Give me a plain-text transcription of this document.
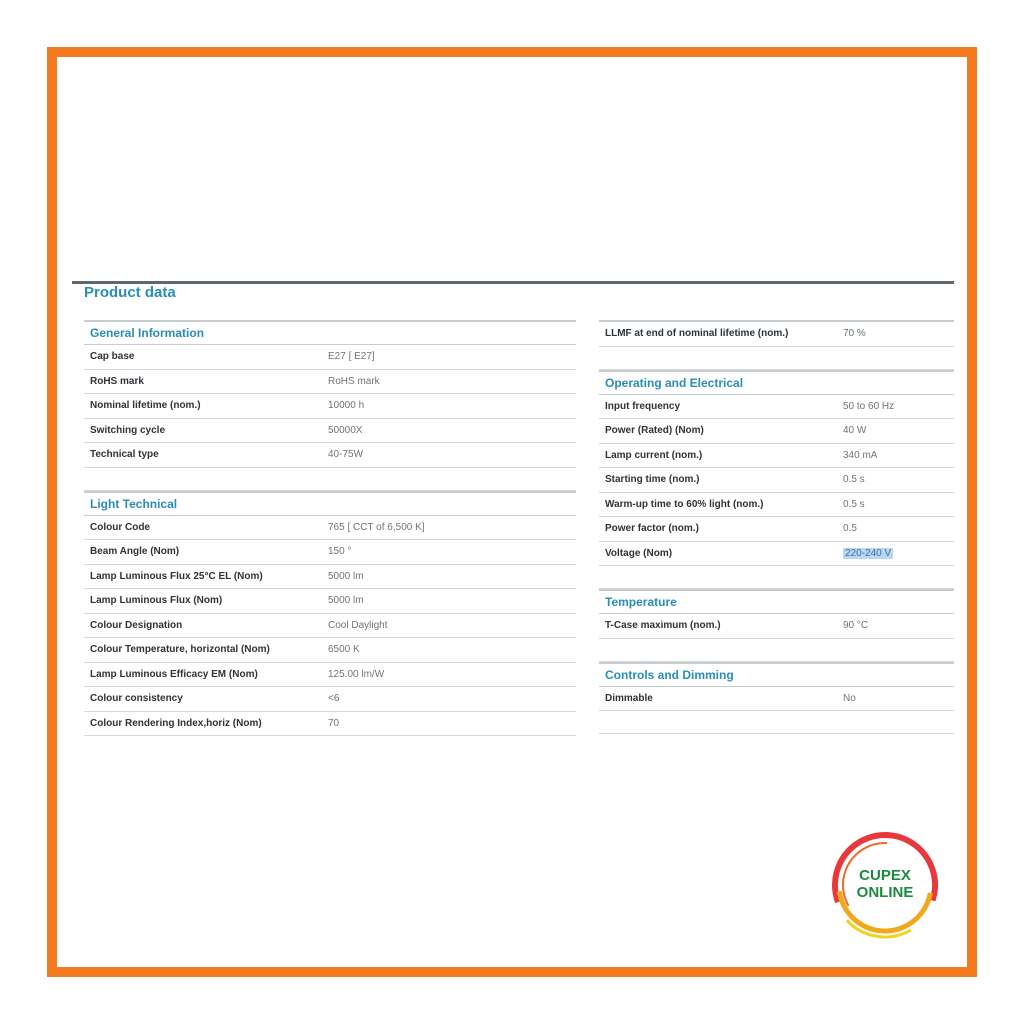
Product data
General Information
Cap base	E27 [ E27]
RoHS mark	RoHS mark
Nominal lifetime (nom.)	10000 h
Switching cycle	50000X
Technical type	40-75W
Light Technical
Colour Code	765 [ CCT of 6,500 K]
Beam Angle (Nom)	150 °
Lamp Luminous Flux 25°C EL (Nom)	5000 lm
Lamp Luminous Flux (Nom)	5000 lm
Colour Designation	Cool Daylight
Colour Temperature, horizontal (Nom)	6500 K
Lamp Luminous Efficacy EM (Nom)	125.00 lm/W
Colour consistency	<6
Colour Rendering Index,horiz (Nom)	70
LLMF at end of nominal lifetime (nom.)	70 %
Operating and Electrical
Input frequency	50 to 60 Hz
Power (Rated) (Nom)	40 W
Lamp current (nom.)	340 mA
Starting time (nom.)	0.5 s
Warm-up time to 60% light (nom.)	0.5 s
Power factor (nom.)	0.5
Voltage (Nom)	220-240 V
Temperature
T-Case maximum (nom.)	90 °C
Controls and Dimming
Dimmable	No
CUPEX
ONLINE
